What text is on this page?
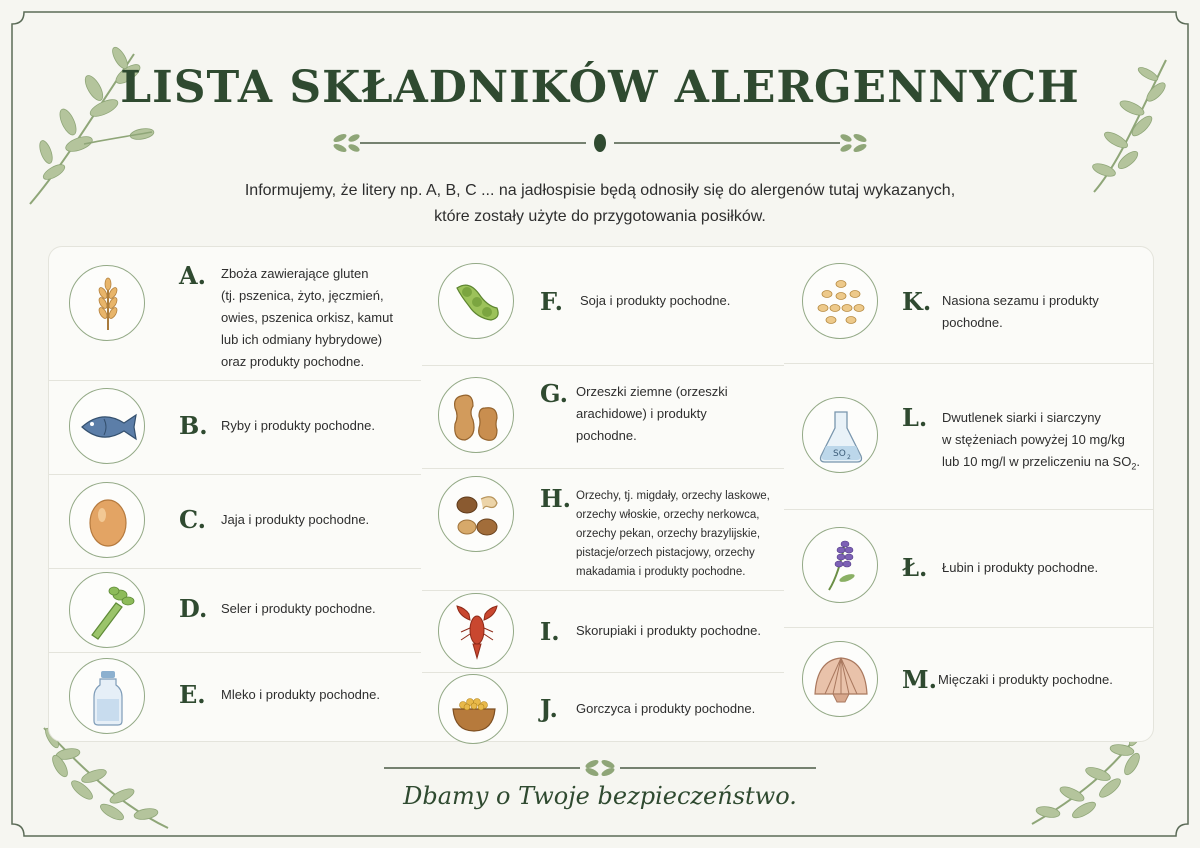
LISTA SKŁADNIKÓW ALERGENNYCH

Informujemy, że litery np. A, B, C ... na jadłospisie będą odnosiły się do alergenów tutaj wykazanych,

które zostały użyte do przygotowania posiłków.

A. Zboża zawierające gluten
(tj. pszenica, żyto, jęczmień,
owies, pszenica orkisz, kamut
lub ich odmiany hybrydowe)
oraz produkty pochodne.
B. Ryby i produkty pochodne.
C. Jaja i produkty pochodne.
D. Seler i produkty pochodne.
E. Mleko i produkty pochodne.
F. Soja i produkty pochodne.
G. Orzeszki ziemne (orzeszki
arachidowe) i produkty
pochodne.
H. Orzechy, tj. migdały, orzechy laskowe,
orzechy włoskie, orzechy nerkowca,
orzechy pekan, orzechy brazylijskie,
pistacje/orzech pistacjowy, orzechy
makadamia i produkty pochodne.
I. Skorupiaki i produkty pochodne.
J. Gorczyca i produkty pochodne.
K. Nasiona sezamu i produkty
pochodne.
SO 2
L. Dwutlenek siarki i siarczyny
w stężeniach powyżej 10 mg/kg
lub 10 mg/l w przeliczeniu na $SO_2$.
Ł. Łubin i produkty pochodne.
M. Mięczaki i produkty pochodne.
Dbamy o Twoje bezpieczeństwo.
